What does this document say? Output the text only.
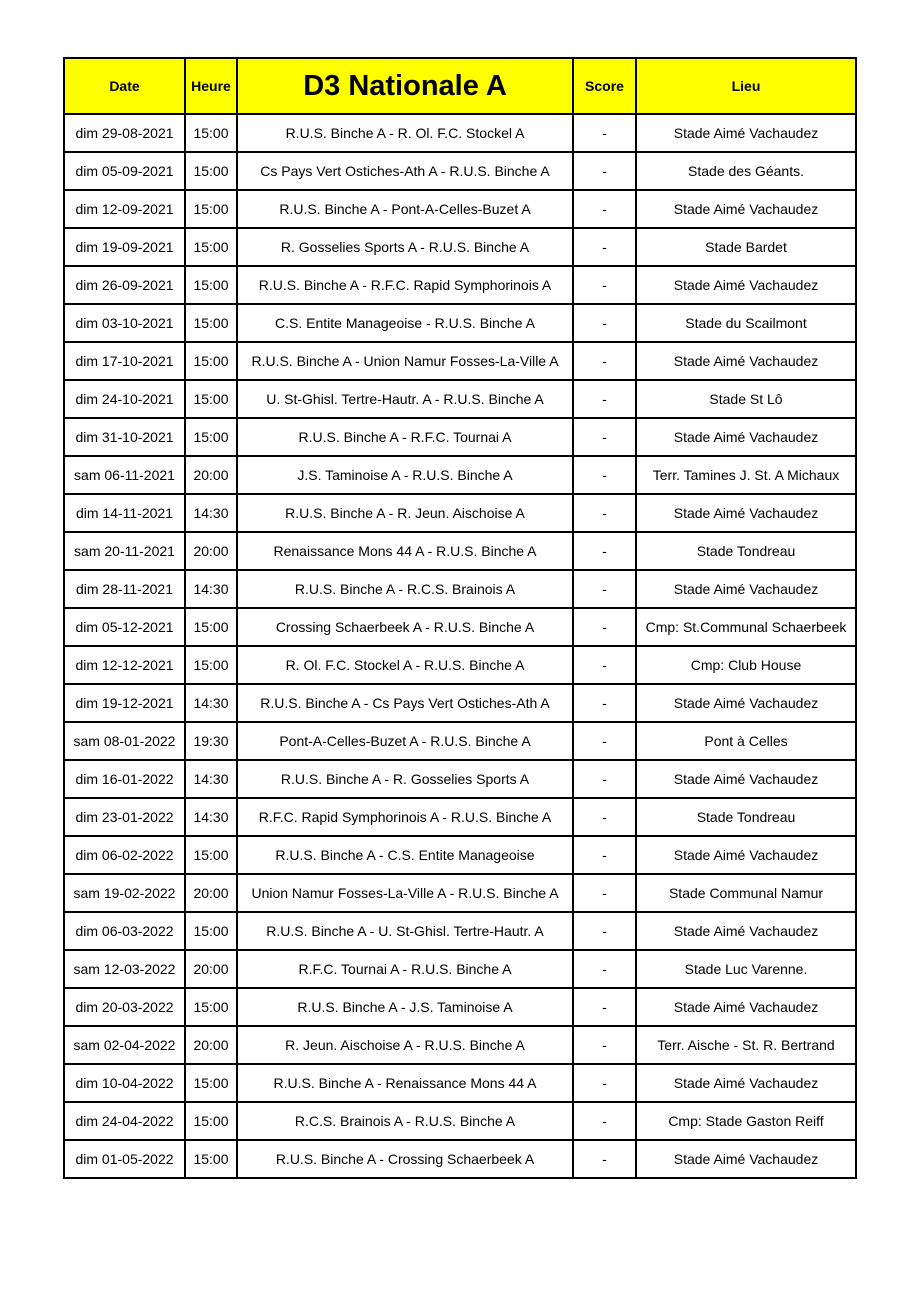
Date	Heure	D3 Nationale A	Score	Lieu
dim 29-08-2021	15:00	R.U.S. Binche A - R. Ol. F.C. Stockel A	-	Stade Aimé Vachaudez
dim 05-09-2021	15:00	Cs Pays Vert Ostiches-Ath A - R.U.S. Binche A	-	Stade des Géants.
dim 12-09-2021	15:00	R.U.S. Binche A - Pont-A-Celles-Buzet A	-	Stade Aimé Vachaudez
dim 19-09-2021	15:00	R. Gosselies Sports A - R.U.S. Binche A	-	Stade Bardet
dim 26-09-2021	15:00	R.U.S. Binche A - R.F.C. Rapid Symphorinois A	-	Stade Aimé Vachaudez
dim 03-10-2021	15:00	C.S. Entite Manageoise - R.U.S. Binche A	-	Stade du Scailmont
dim 17-10-2021	15:00	R.U.S. Binche A - Union Namur Fosses-La-Ville A	-	Stade Aimé Vachaudez
dim 24-10-2021	15:00	U. St-Ghisl. Tertre-Hautr. A - R.U.S. Binche A	-	Stade St Lô
dim 31-10-2021	15:00	R.U.S. Binche A - R.F.C. Tournai A	-	Stade Aimé Vachaudez
sam 06-11-2021	20:00	J.S. Taminoise A - R.U.S. Binche A	-	Terr. Tamines J. St. A Michaux
dim 14-11-2021	14:30	R.U.S. Binche A - R. Jeun. Aischoise A	-	Stade Aimé Vachaudez
sam 20-11-2021	20:00	Renaissance Mons 44 A - R.U.S. Binche A	-	Stade Tondreau
dim 28-11-2021	14:30	R.U.S. Binche A - R.C.S. Brainois A	-	Stade Aimé Vachaudez
dim 05-12-2021	15:00	Crossing Schaerbeek A - R.U.S. Binche A	-	Cmp: St.Communal Schaerbeek
dim 12-12-2021	15:00	R. Ol. F.C. Stockel A - R.U.S. Binche A	-	Cmp: Club House
dim 19-12-2021	14:30	R.U.S. Binche A - Cs Pays Vert Ostiches-Ath A	-	Stade Aimé Vachaudez
sam 08-01-2022	19:30	Pont-A-Celles-Buzet A - R.U.S. Binche A	-	Pont à Celles
dim 16-01-2022	14:30	R.U.S. Binche A - R. Gosselies Sports A	-	Stade Aimé Vachaudez
dim 23-01-2022	14:30	R.F.C. Rapid Symphorinois A - R.U.S. Binche A	-	Stade Tondreau
dim 06-02-2022	15:00	R.U.S. Binche A - C.S. Entite Manageoise	-	Stade Aimé Vachaudez
sam 19-02-2022	20:00	Union Namur Fosses-La-Ville A - R.U.S. Binche A	-	Stade Communal Namur
dim 06-03-2022	15:00	R.U.S. Binche A - U. St-Ghisl. Tertre-Hautr. A	-	Stade Aimé Vachaudez
sam 12-03-2022	20:00	R.F.C. Tournai A - R.U.S. Binche A	-	Stade Luc Varenne.
dim 20-03-2022	15:00	R.U.S. Binche A - J.S. Taminoise A	-	Stade Aimé Vachaudez
sam 02-04-2022	20:00	R. Jeun. Aischoise A - R.U.S. Binche A	-	Terr. Aische - St. R. Bertrand
dim 10-04-2022	15:00	R.U.S. Binche A - Renaissance Mons 44 A	-	Stade Aimé Vachaudez
dim 24-04-2022	15:00	R.C.S. Brainois A - R.U.S. Binche A	-	Cmp: Stade Gaston Reiff
dim 01-05-2022	15:00	R.U.S. Binche A - Crossing Schaerbeek A	-	Stade Aimé Vachaudez
